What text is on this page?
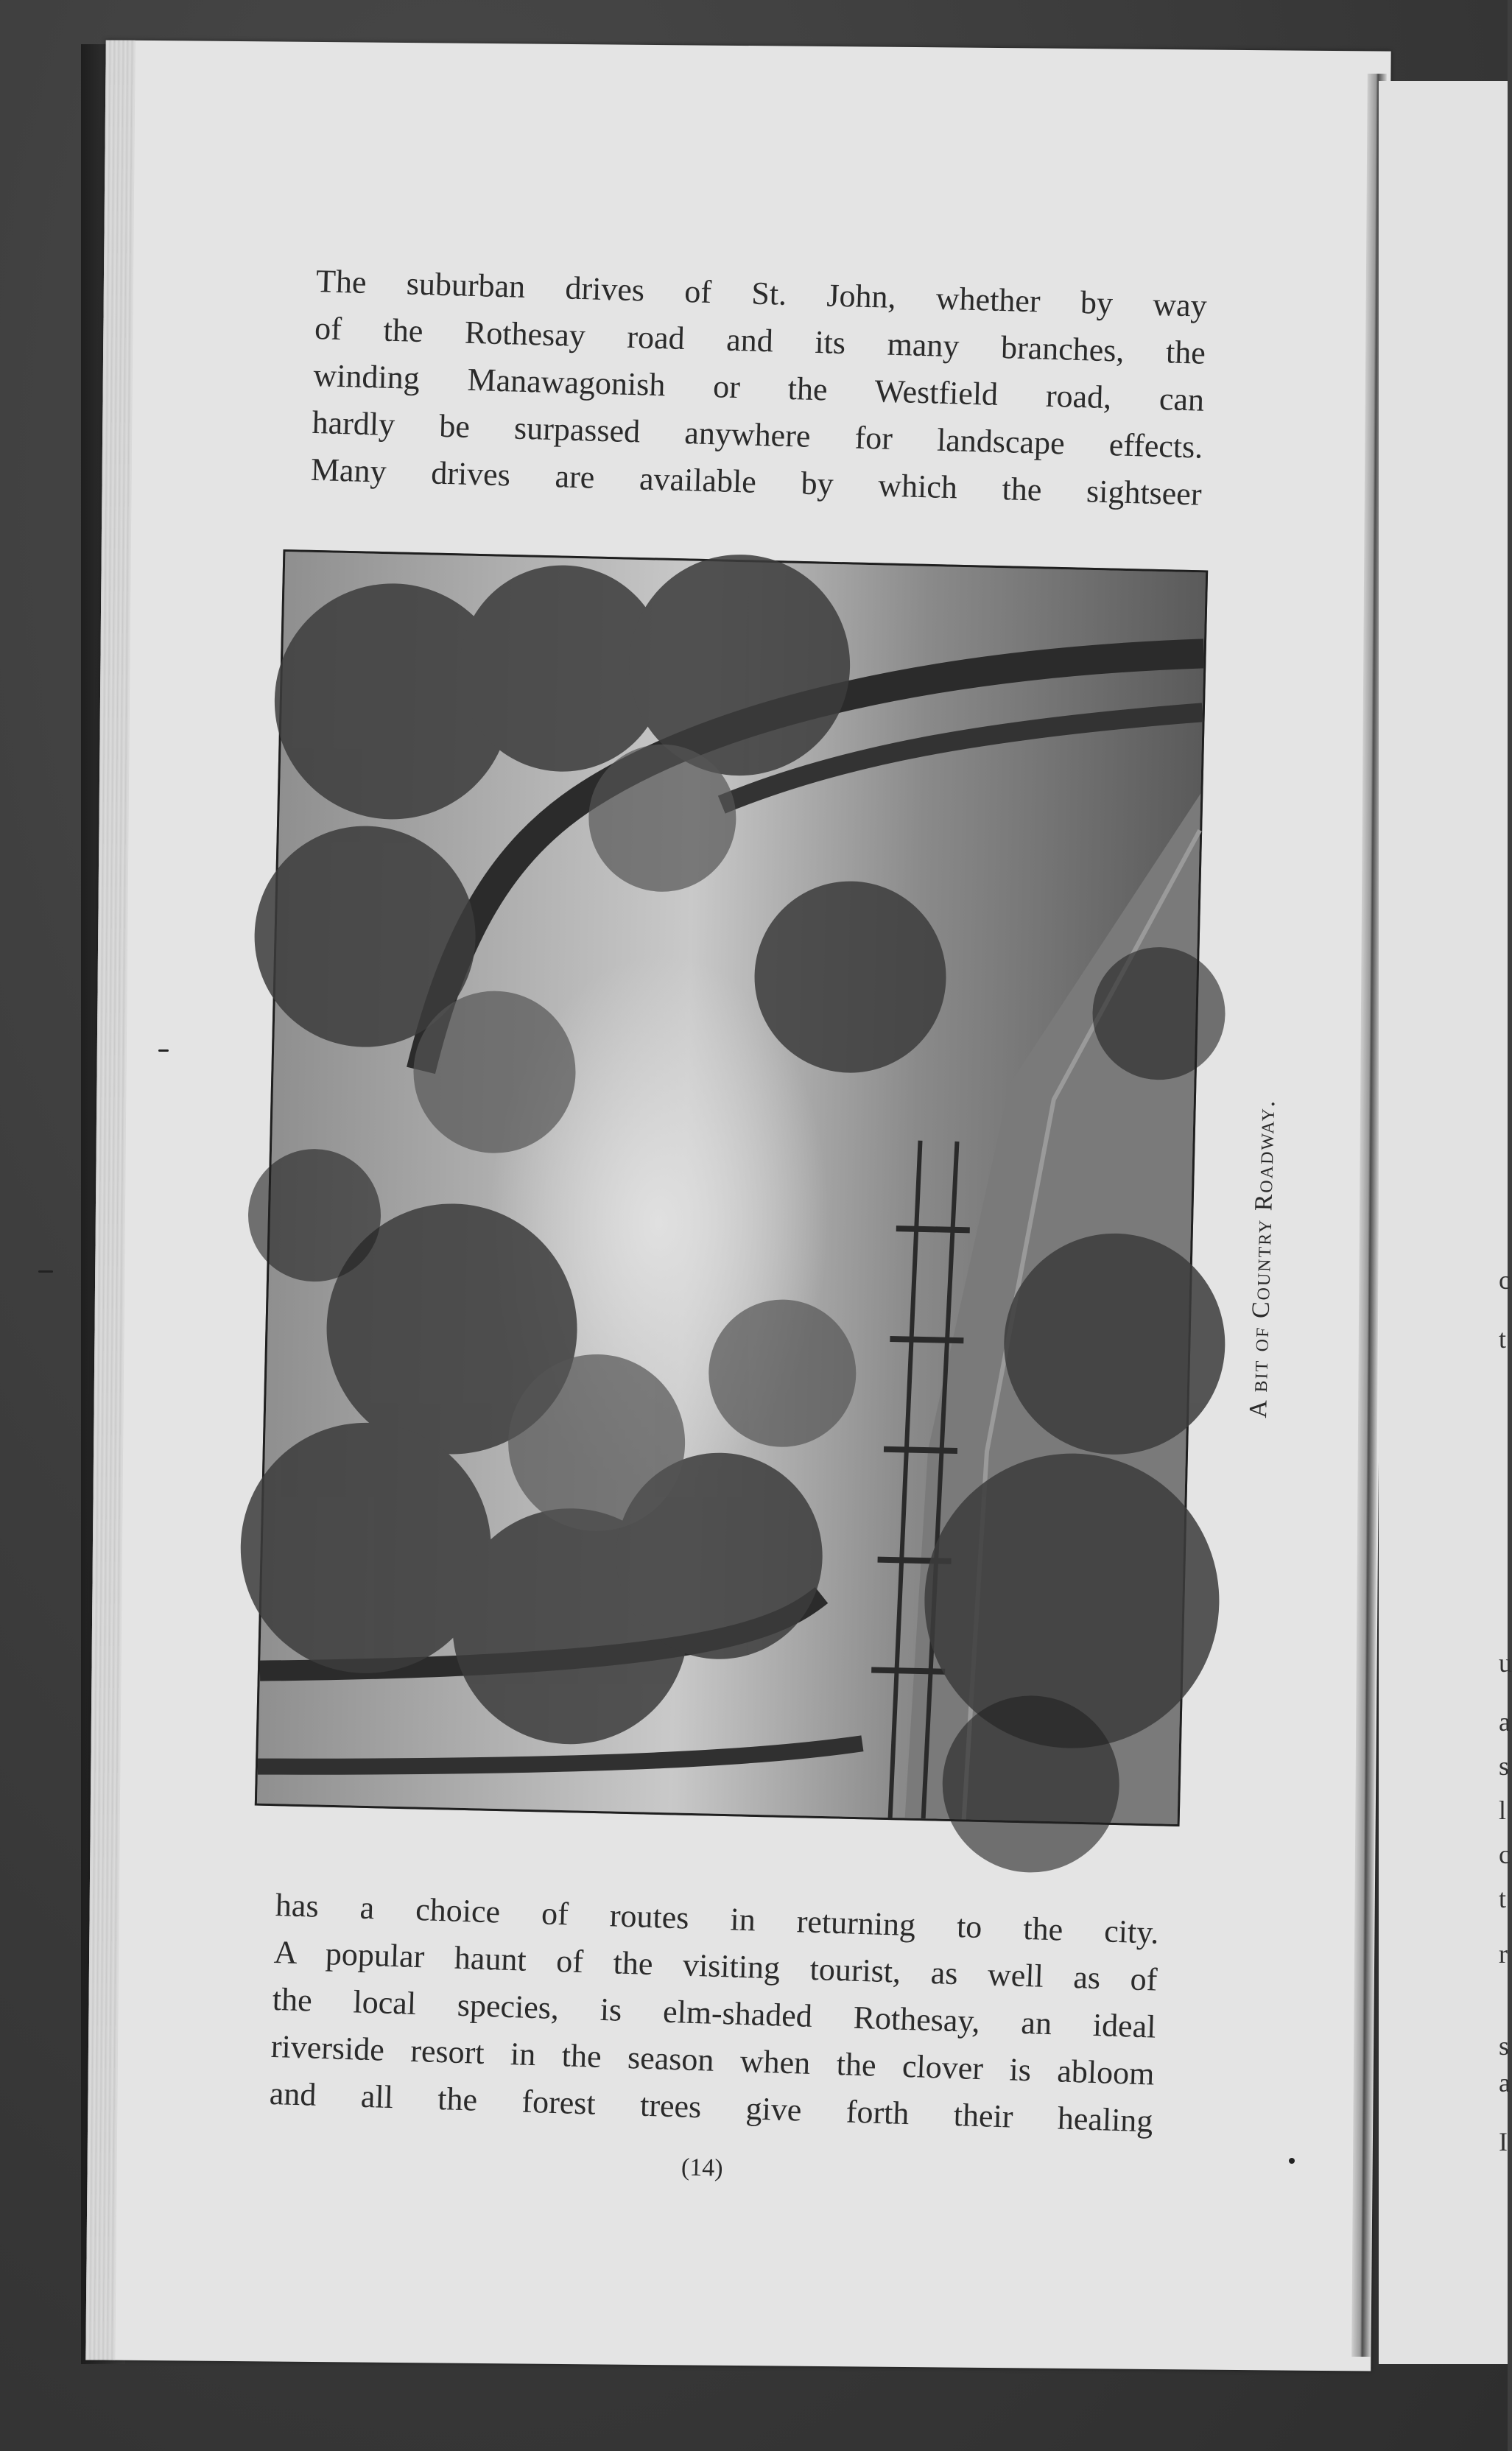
The suburban drives of St. John, whether by way
of the Rothesay road and its many branches, the
winding Manawagonish or the Westfield road, can
hardly be surpassed anywhere for landscape effects.
Many drives are available by which the sightseer
A bit of Country Roadway.
has a choice of routes in returning to the city.
A popular haunt of the visiting tourist, as well as of
the local species, is elm-shaded Rothesay, an ideal
riverside resort in the season when the clover is abloom
and all the forest trees give forth their healing
(14)
c
t
u
a
s
l
c
t
r
s
a
I
